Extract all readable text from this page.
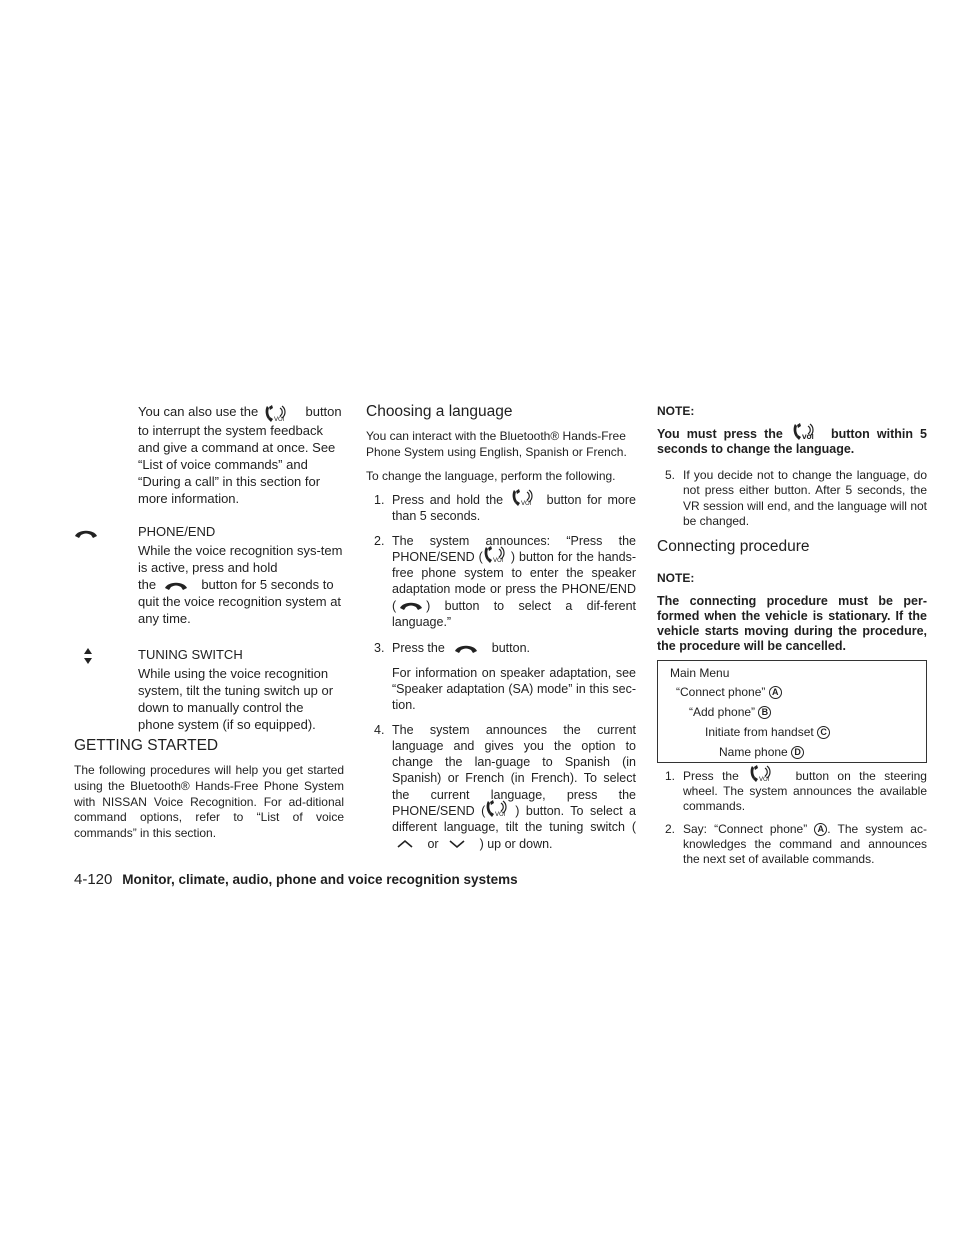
You can also use the	button to interrupt the system feedback and give a command at once. See “List of voice commands” and “During a call” in this section for more information.

PHONE/END
While the voice recognition sys-tem is active, press and hold
the	button for 5 seconds to
quit the voice recognition system at any time.
TUNING SWITCH
While using the voice recognition system, tilt the tuning switch up or down to manually control the phone system (if so equipped).
GETTING STARTED

The following procedures will help you get started using the Bluetooth® Hands-Free Phone System with NISSAN Voice Recognition. For ad-ditional command options, refer to “List of voice commands” in this section.

Choosing a language

You can interact with the Bluetooth® Hands-Free Phone System using English, Spanish or French.

To change the language, perform the following.

1. Press and hold the	button for more than 5 seconds.
2. The system announces: “Press the PHONE/SEND ( ) button for the hands-free phone system to enter the speaker adaptation mode or press the PHONE/END ( ) button to select a dif-ferent language.”
3. Press the	button.
For information on speaker adaptation, see “Speaker adaptation (SA) mode” in this sec-tion.
4. The system announces the current language and gives you the option to change the lan-guage to Spanish (in Spanish) or French (in French). To select the current language, press the PHONE/SEND ( ) button. To select a different language, tilt the tuning switch (  or	) up or down.
NOTE:
You must press the	button within 5 seconds to change the language.
5. If you decide not to change the language, do not press either button. After 5 seconds, the VR session will end, and the language will not be changed.
Connecting procedure
NOTE:
The connecting procedure must be per-formed when the vehicle is stationary. If the vehicle starts moving during the procedure, the procedure will be cancelled.
Main Menu
“Connect phone” A
“Add phone” B
Initiate from handset C
Name phone D
1. Press the	button on the steering wheel. The system announces the available commands.
2. Say: “Connect phone” A . The system ac-knowledges the command and announces the next set of available commands.
4-120 Monitor, climate, audio, phone and voice recognition systems
